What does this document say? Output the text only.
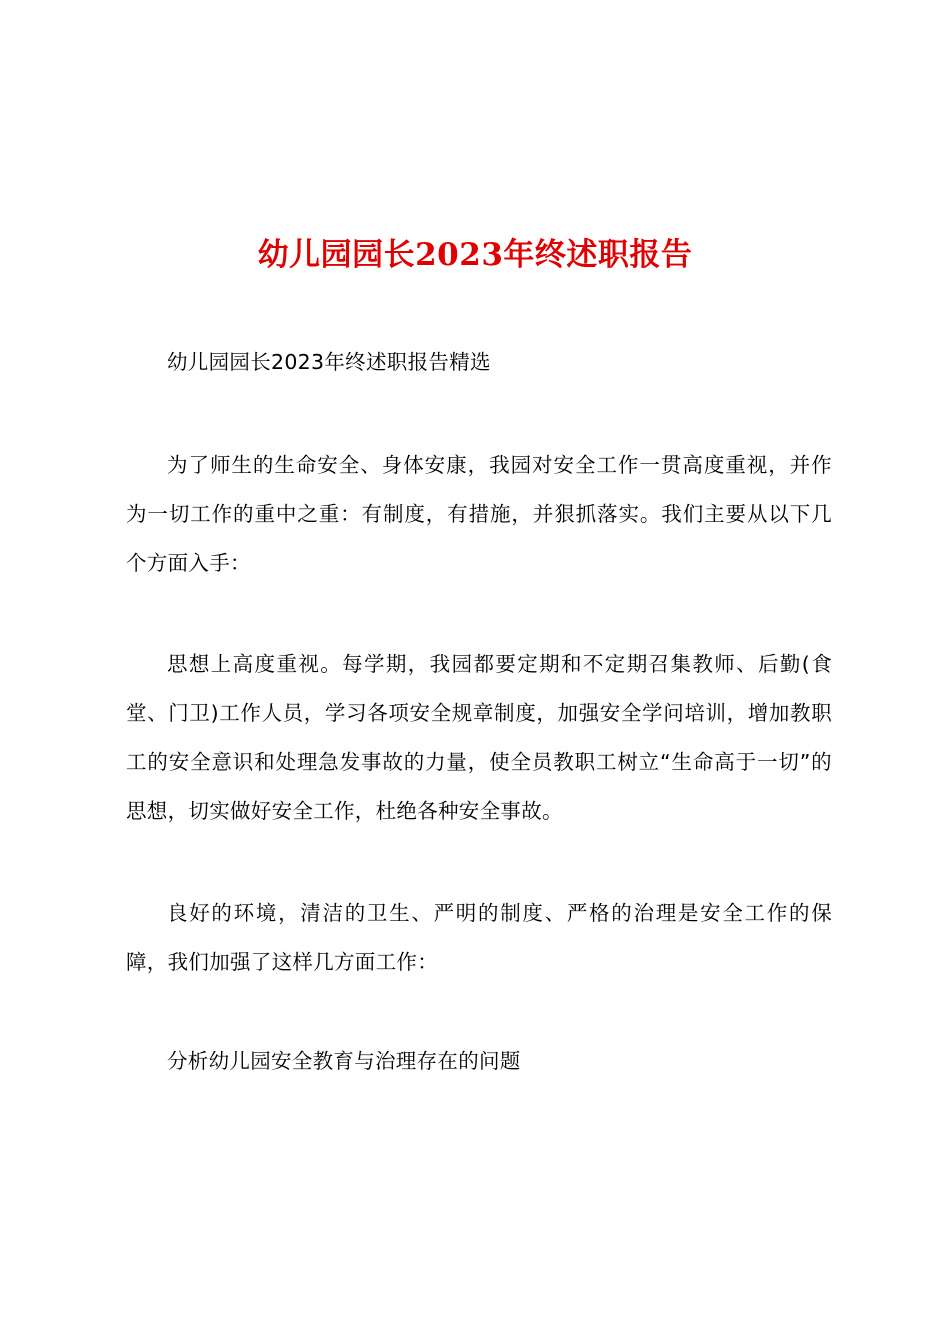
幼儿园园长2023年终述职报告

幼儿园园长2023年终述职报告精选

为了师生的生命安全、身体安康，我园对安全工作一贯高度重视，并作为一切工作的重中之重：有制度，有措施，并狠抓落实。我们主要从以下几个方面入手：

思想上高度重视。每学期，我园都要定期和不定期召集教师、后勤(食堂、门卫)工作人员，学习各项安全规章制度，加强安全学问培训，增加教职工的安全意识和处理急发事故的力量，使全员教职工树立“生命高于一切”的思想，切实做好安全工作，杜绝各种安全事故。

良好的环境，清洁的卫生、严明的制度、严格的治理是安全工作的保障，我们加强了这样几方面工作：

分析幼儿园安全教育与治理存在的问题
